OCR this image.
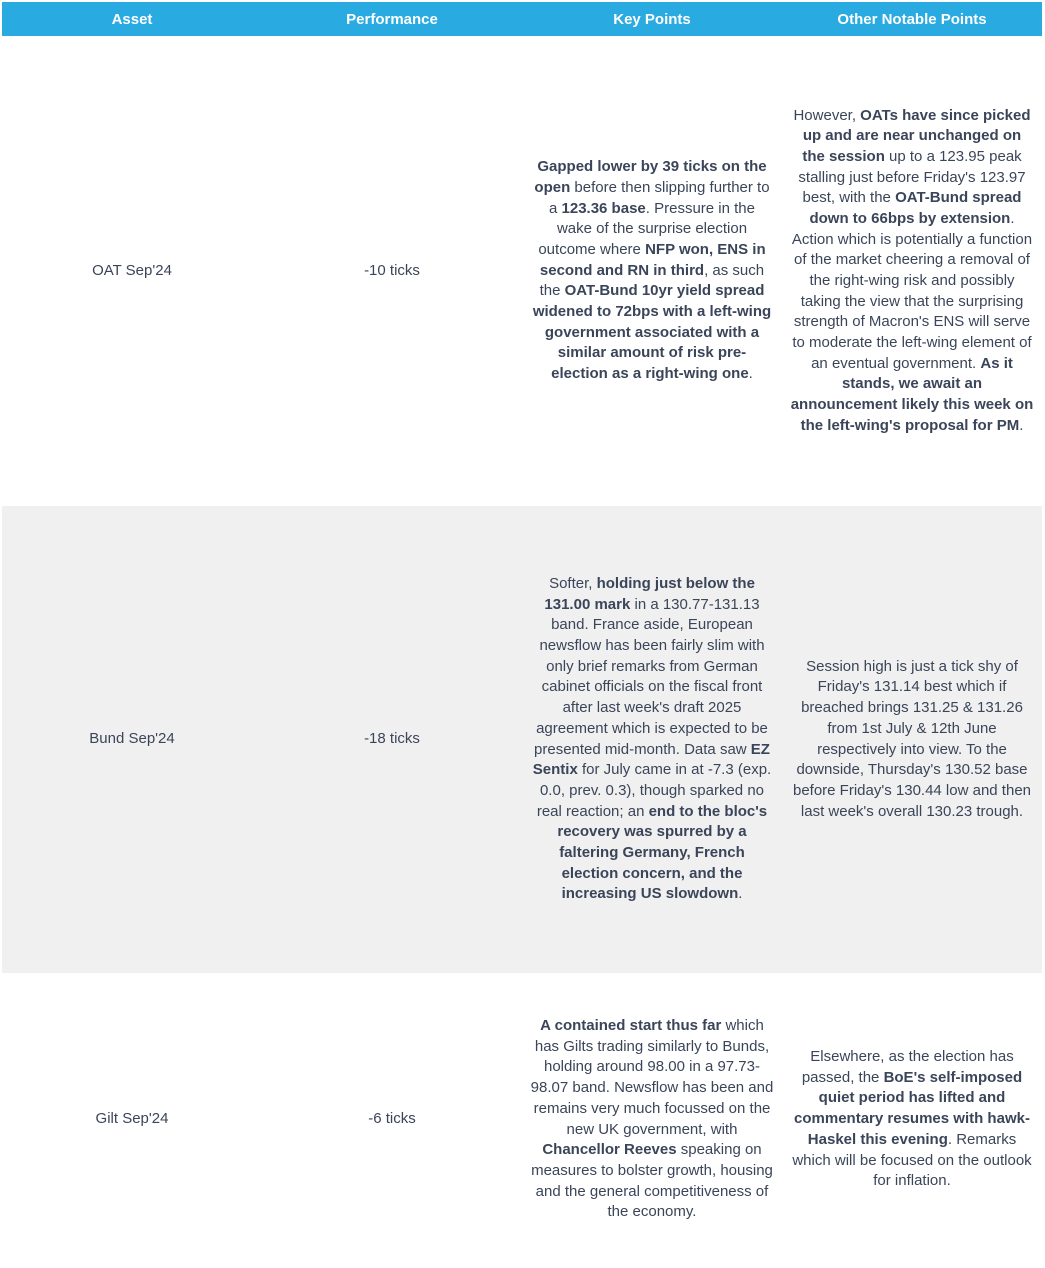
Asset	Performance	Key Points	Other Notable Points
OAT Sep'24	-10 ticks	Gapped lower by 39 ticks on the open before then slipping further to a 123.36 base. Pressure in the wake of the surprise election outcome where NFP won, ENS in second and RN in third, as such the OAT-Bund 10yr yield spread widened to 72bps with a left-wing government associated with a similar amount of risk pre-election as a right-wing one.	However, OATs have since picked up and are near unchanged on the session up to a 123.95 peak stalling just before Friday's 123.97 best, with the OAT-Bund spread down to 66bps by extension. Action which is potentially a function of the market cheering a removal of the right-wing risk and possibly taking the view that the surprising strength of Macron's ENS will serve to moderate the left-wing element of an eventual government. As it stands, we await an announcement likely this week on the left-wing's proposal for PM.
Bund Sep'24	-18 ticks	Softer, holding just below the 131.00 mark in a 130.77-131.13 band. France aside, European newsflow has been fairly slim with only brief remarks from German cabinet officials on the fiscal front after last week's draft 2025 agreement which is expected to be presented mid-month. Data saw EZ Sentix for July came in at -7.3 (exp. 0.0, prev. 0.3), though sparked no real reaction; an end to the bloc's recovery was spurred by a faltering Germany, French election concern, and the increasing US slowdown.	Session high is just a tick shy of Friday's 131.14 best which if breached brings 131.25 & 131.26 from 1st July & 12th June respectively into view. To the downside, Thursday's 130.52 base before Friday's 130.44 low and then last week's overall 130.23 trough.
Gilt Sep'24	-6 ticks	A contained start thus far which has Gilts trading similarly to Bunds, holding around 98.00 in a 97.73-98.07 band. Newsflow has been and remains very much focussed on the new UK government, with Chancellor Reeves speaking on measures to bolster growth, housing and the general competitiveness of the economy.	Elsewhere, as the election has passed, the BoE's self-imposed quiet period has lifted and commentary resumes with hawk-Haskel this evening. Remarks which will be focused on the outlook for inflation.
